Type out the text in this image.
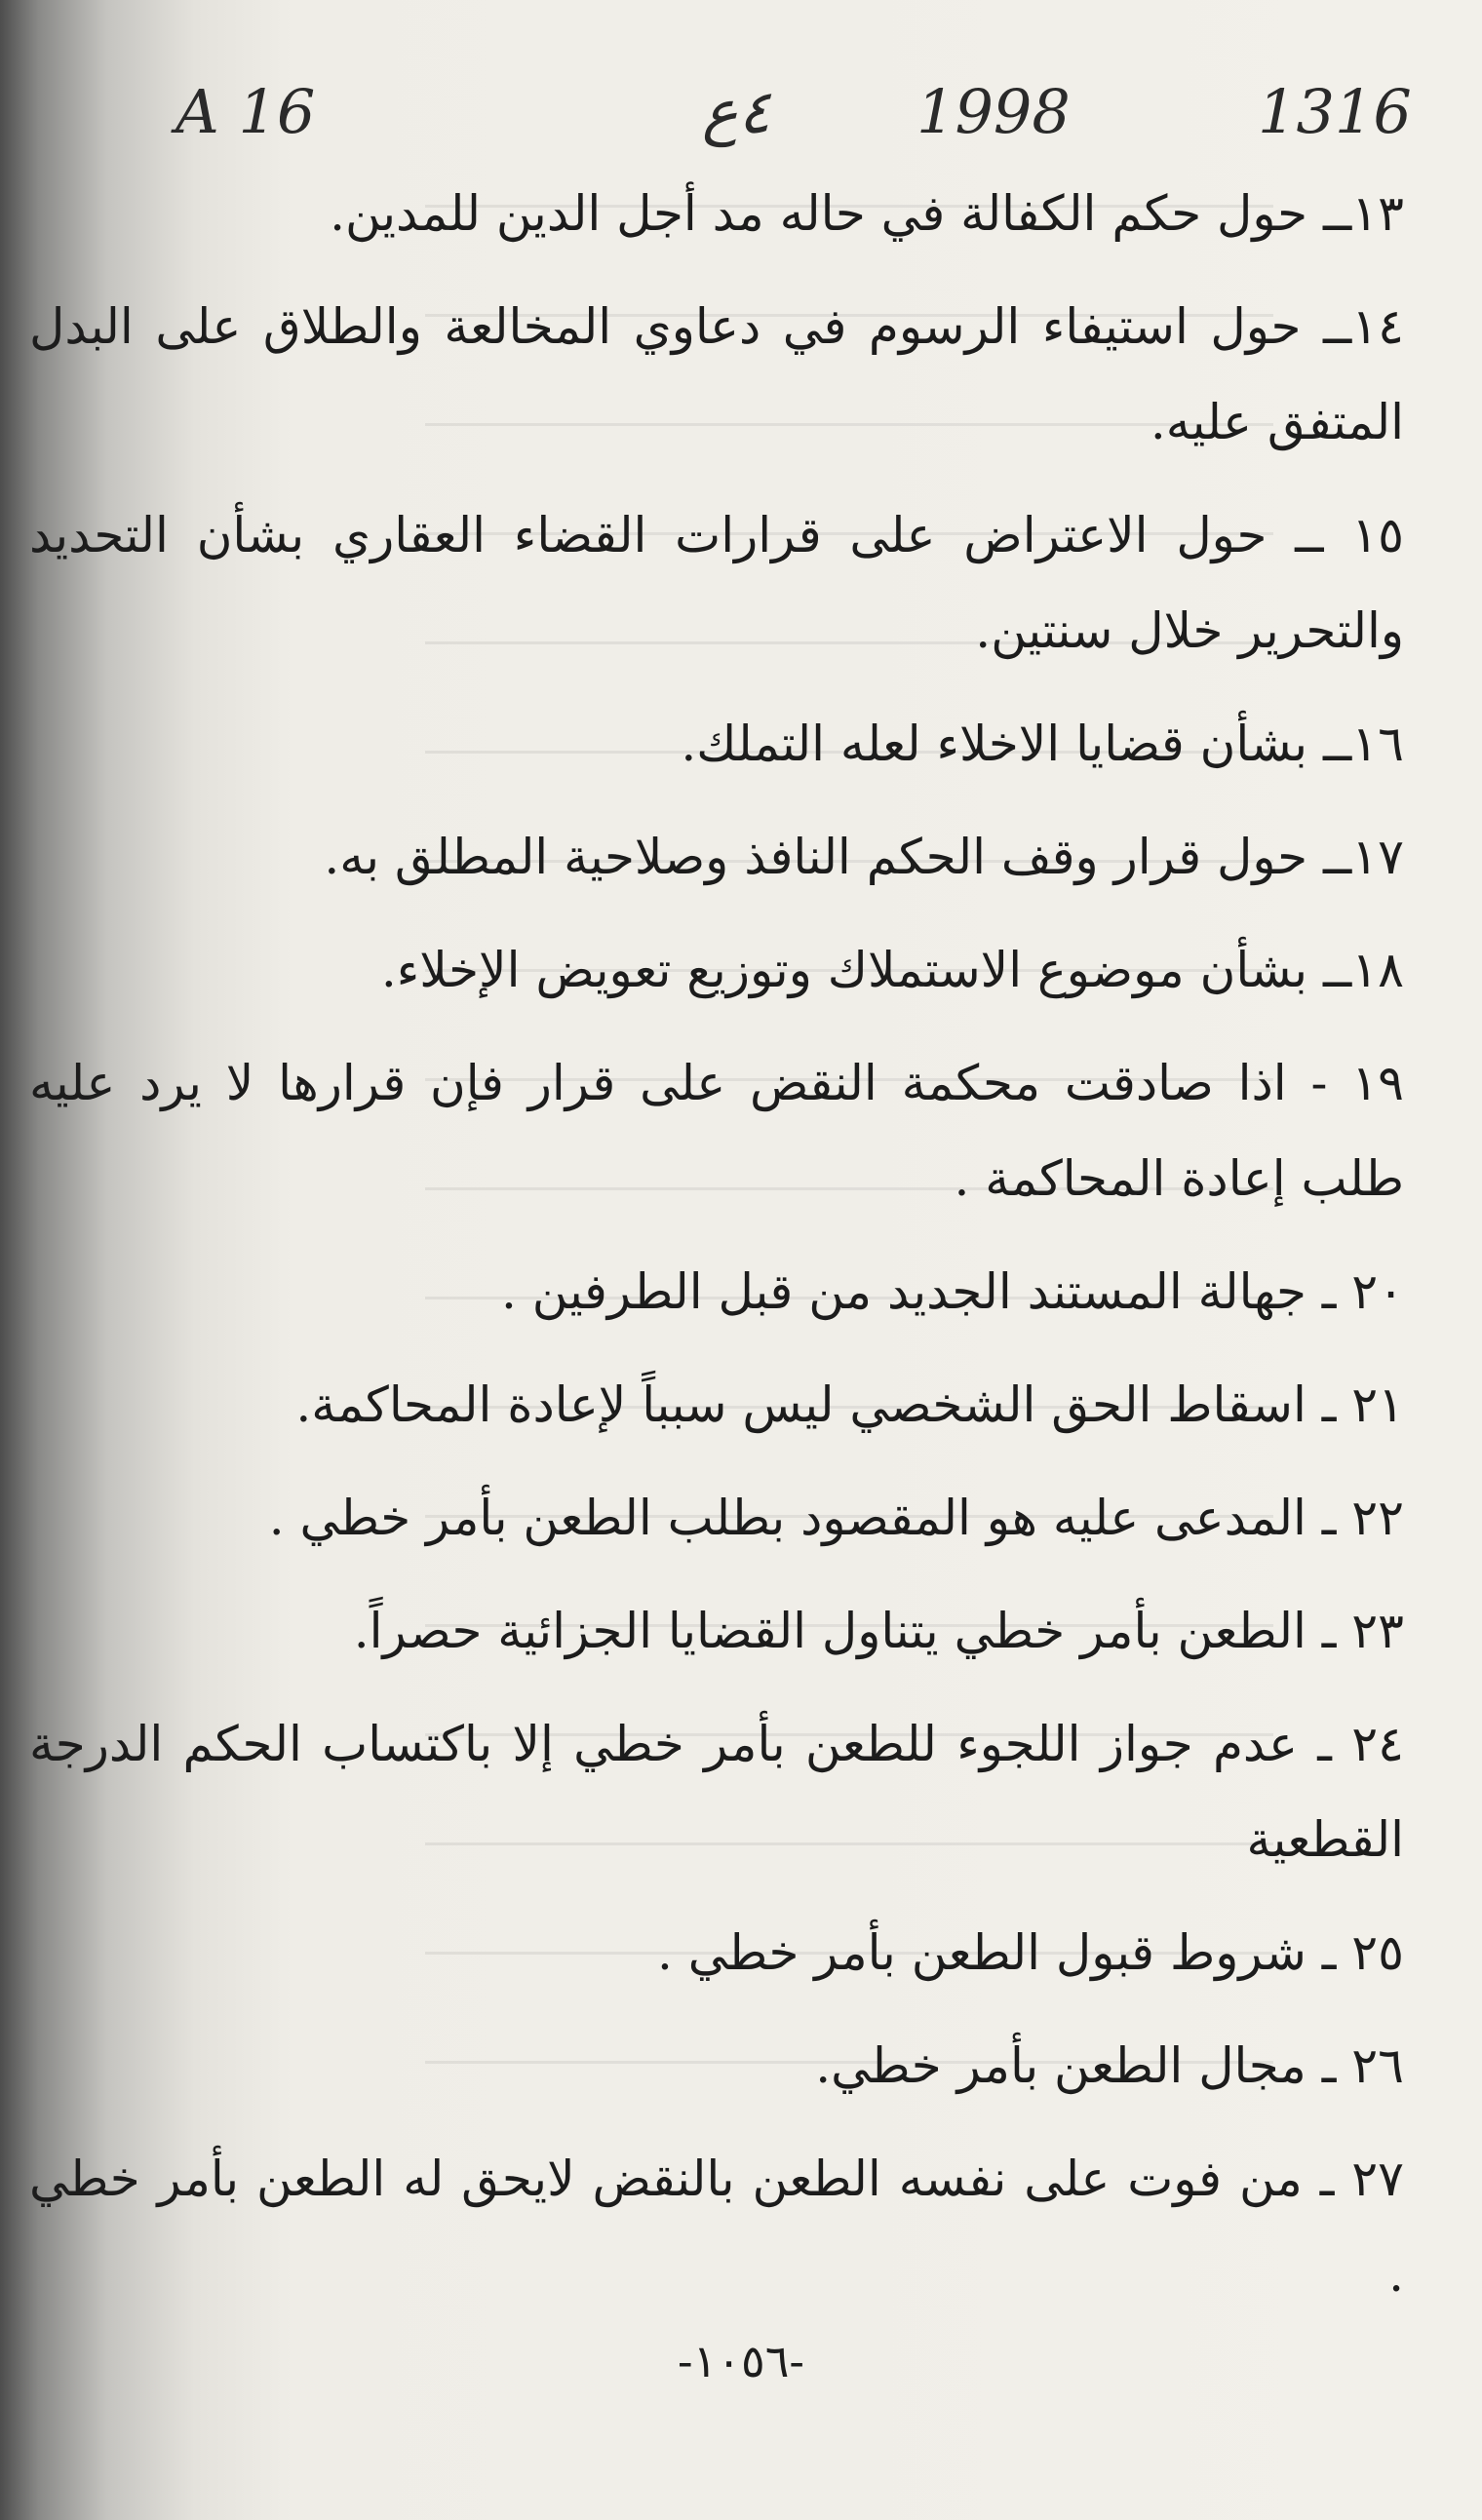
A 16	٤ع 1998	1316

١٣ــ حول حكم الكفالة في حاله مد أجل الدين للمدين.

١٤ــ حول استيفاء الرسوم في دعاوي المخالعة والطلاق على البدل المتفق عليه.

١٥ ــ حول الاعتراض على قرارات القضاء العقاري بشأن التحديد والتحرير خلال سنتين.

١٦ــ بشأن قضايا الاخلاء لعله التملك.

١٧ــ حول قرار وقف الحكم النافذ وصلاحية المطلق به.

١٨ــ بشأن موضوع الاستملاك وتوزيع تعويض الإخلاء.

١٩ - اذا صادقت محكمة النقض على قرار فإن قرارها لا يرد عليه طلب إعادة المحاكمة .

٢٠ ـ جهالة المستند الجديد من قبل الطرفين .

٢١ ـ اسقاط الحق الشخصي ليس سبباً لإعادة المحاكمة.

٢٢ ـ المدعى عليه هو المقصود بطلب الطعن بأمر خطي .

٢٣ ـ الطعن بأمر خطي يتناول القضايا الجزائية حصراً.

٢٤ ـ عدم جواز اللجوء للطعن بأمر خطي إلا باكتساب الحكم الدرجة القطعية

٢٥ ـ شروط قبول الطعن بأمر خطي .

٢٦ ـ مجال الطعن بأمر خطي.

٢٧ ـ من فوت على نفسه الطعن بالنقض لايحق له الطعن بأمر خطي .

-١٠٥٦-
